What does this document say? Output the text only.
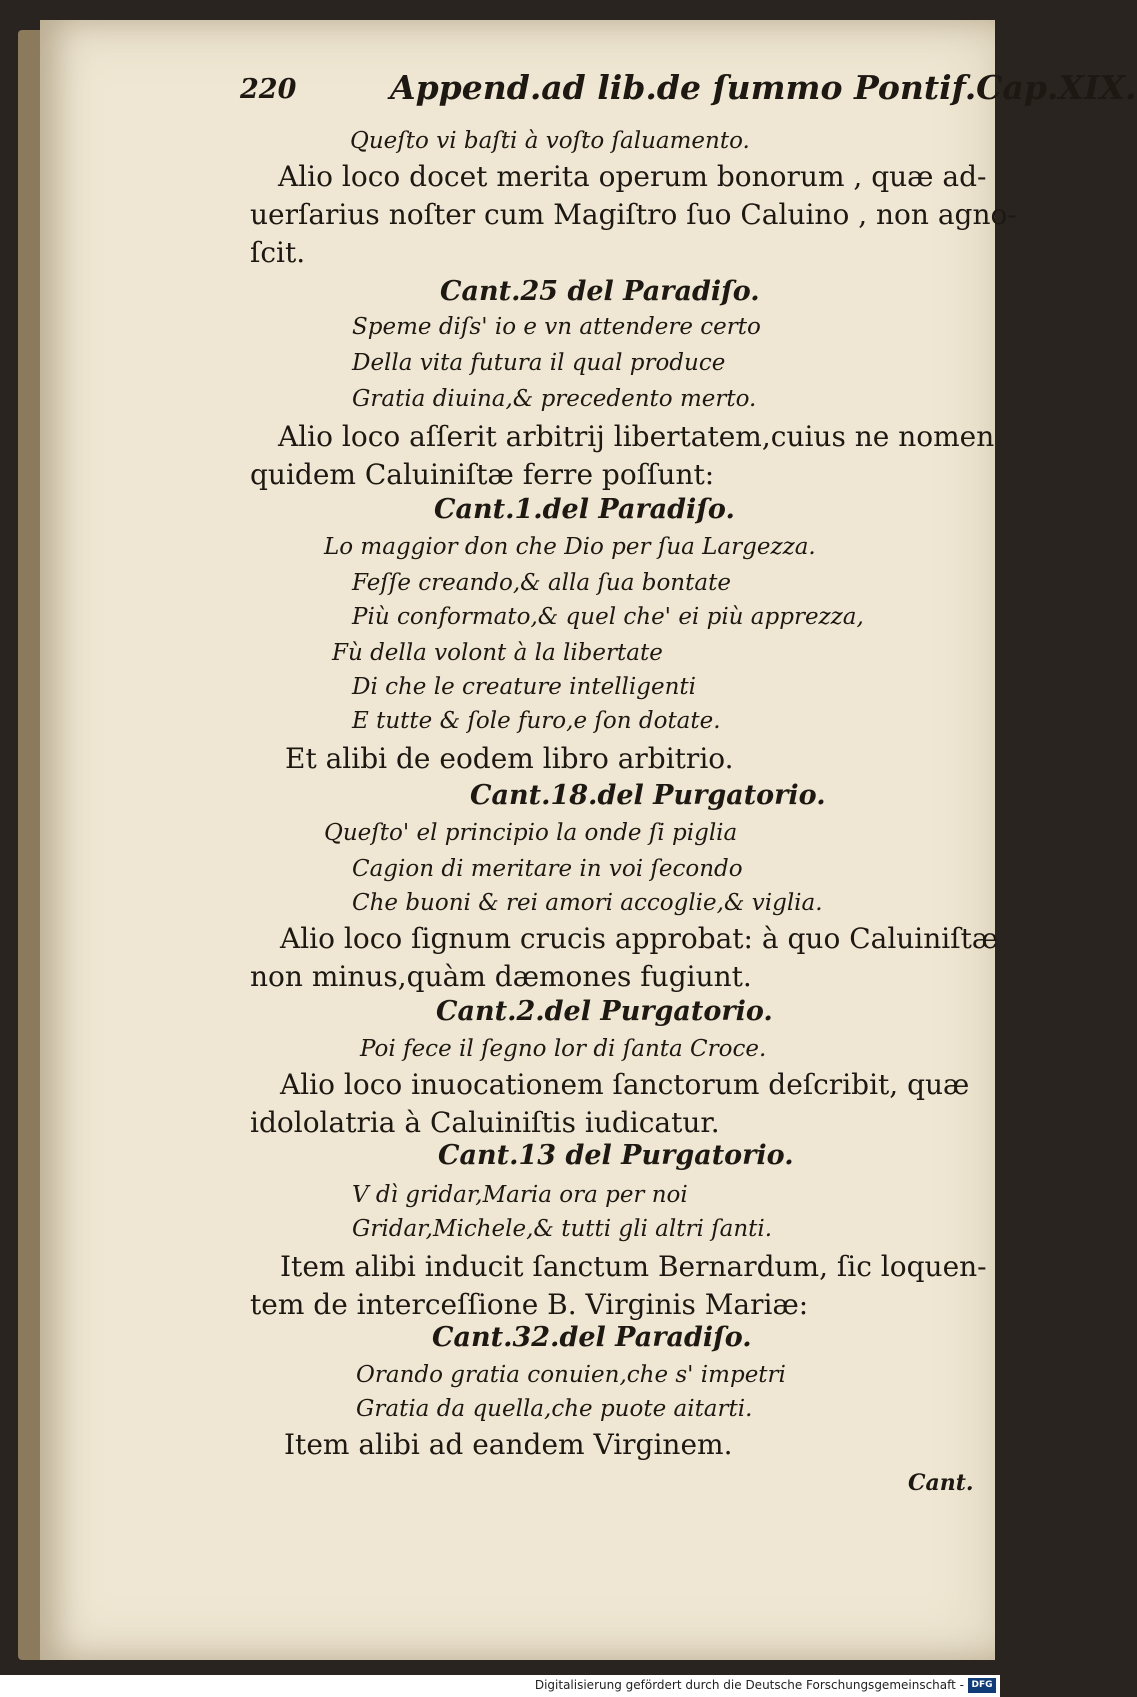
220	Append.ad lib.de ſummo Pontif.Cap.XIX.
Queſto vi baſti à voſto ſaluamento.
Alio loco docet merita operum bonorum , quæ ad-
uerſarius noſter cum Magiſtro ſuo Caluino , non agno-
ſcit.
Cant.25 del Paradiſo.
Speme diſs' io e vn attendere certo
Della vita futura il qual produce
Gratia diuina,& precedento merto.
Alio loco aſſerit arbitrij libertatem,cuius ne nomen
quidem Caluiniſtæ ferre poſſunt:
Cant.1.del Paradiſo.
Lo maggior don che Dio per ſua Largezza.
Feſſe creando,& alla ſua bontate
Più conformato,& quel che' ei più apprezza,
Fù della volont à la libertate
Di che le creature intelligenti
E tutte & ſole furo,e ſon dotate.
Et alibi de eodem libro arbitrio.
Cant.18.del Purgatorio.
Queſto' el principio la onde ſi piglia
Cagion di meritare in voi ſecondo
Che buoni & rei amori accoglie,& viglia.
Alio loco ſignum crucis approbat: à quo Caluiniſtæ
non minus,quàm dæmones fugiunt.
Cant.2.del Purgatorio.
Poi fece il ſegno lor di ſanta Croce.
Alio loco inuocationem ſanctorum deſcribit, quæ
idololatria à Caluiniſtis iudicatur.
Cant.13 del Purgatorio.
V dì gridar,Maria ora per noi
Gridar,Michele,& tutti gli altri ſanti.
Item alibi inducit ſanctum Bernardum, ſic loquen-
tem de interceſſione B. Virginis Mariæ:
Cant.32.del Paradiſo.
Orando gratia conuien,che s' impetri
Gratia da quella,che puote aitarti.
Item alibi ad eandem Virginem.
Cant.
Digitalisierung gefördert durch die Deutsche Forschungsgemeinschaft - DFG
